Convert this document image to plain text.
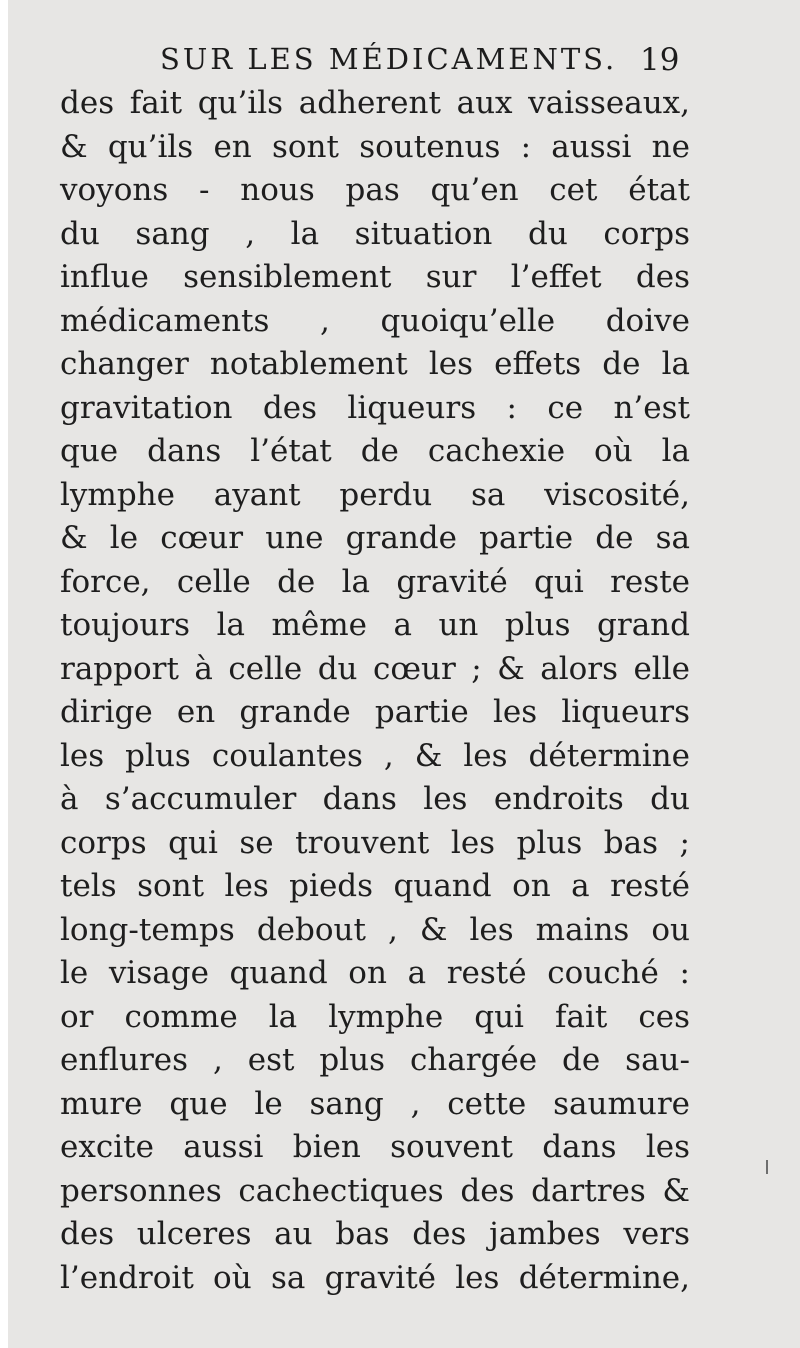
SUR LES MÉDICAMENTS. 19
des fait qu’ils adherent aux vaisseaux,
& qu’ils en sont soutenus : aussi ne
voyons - nous pas qu’en cet état
du sang , la situation du corps
influe sensiblement sur l’effet des
médicaments , quoiqu’elle doive
changer notablement les effets de la
gravitation des liqueurs : ce n’est
que dans l’état de cachexie où la
lymphe ayant perdu sa viscosité,
& le cœur une grande partie de sa
force, celle de la gravité qui reste
toujours la même a un plus grand
rapport à celle du cœur ; & alors elle
dirige en grande partie les liqueurs
les plus coulantes , & les détermine
à s’accumuler dans les endroits du
corps qui se trouvent les plus bas ;
tels sont les pieds quand on a resté
long-temps debout , & les mains ou
le visage quand on a resté couché :
or comme la lymphe qui fait ces
enflures , est plus chargée de sau-
mure que le sang , cette saumure
excite aussi bien souvent dans les
personnes cachectiques des dartres &
des ulceres au bas des jambes vers
l’endroit où sa gravité les détermine,
